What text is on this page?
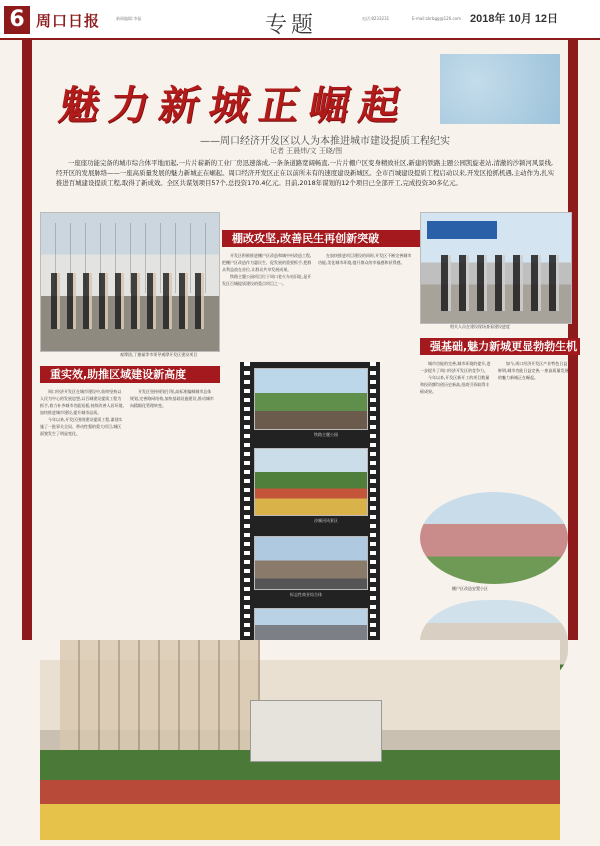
6 周口日报	新闻编辑:李磊	专题	电话:8233231	E-mail:zkrbgg@126.com 2018年 10月 12日
魅力新城正崛起
——周口经济开发区以人为本推进城市建设提质工程纪实
记者 王晨炜/文 王晓/图
一座座功能完备的城市综合体平地而起,一片片崭新的工业厂房迅速落成,一条条道路宽阔畅直,一片片棚户区变身精致社区,新建的铁路主题公园凯旋老站,清澈的沙颍河风景线,经开区的发展脉络——一座高质量发展的魅力新城正在崛起。周口经济开发区正在以前所未有的速度建设新城区。全市百城建设提质工程启动以来,开发区抢抓机遇,主动作为,扎实推进百城建设提质工程,取得了新成效。全区共谋划项目57个,总投资170.4亿元。目前,2018年谋划的12个项目已全部开工,完成投资30多亿元。
观摩团,丁德福等市领导观摩开发区建设项目
重实效,助推区域建设新高度

周口经济开发区在城市建设中,始终坚持以人民为中心的发展思想,以百城建设提质工程为抓手,着力补齐城市功能短板,持续改善人居环境,加快推进城市建设,提升城市品质。

今年以来,开发区围绕建设提质工程,谋划实施了一批事关全局、带动性强的重大项目,城区面貌发生了明显变化。

开发区坚持规划引领,高标准编制城市总体规划,完善路网结构,加快基础设施建设,推动城市向精细化管理转变。

棚改攻坚,改善民生再创新突破

开发区积极推进棚户区改造和城中村改造工程,把棚户区改造作为惠民生、促发展的重要抓手,把群众利益放在首位,让群众共享发展成果。

铁路主题公园项目位于周口老火车站旧址,是开发区百城提质建设的重点项目之一。

在加快推进项目建设的同时,开发区不断完善城市功能,美化城市环境,提升群众的幸福感和获得感。

铁路主题公园
沙颍河风景区
标志性商业综合体
相关人员在建设现场查看建设进度
强基础,魅力新城更显勃勃生机

城市功能的完善,城市环境的提升,进一步提升了周口经济开发区的竞争力。

今年以来,开发区新开工的项目数量和投资额均创历史新高,招商引资取得丰硕成果。

如今,周口经济开发区产业特色日益鲜明,城市功能日益完善,一座高质量发展的魅力新城正在崛起。

棚户区改造安置小区
